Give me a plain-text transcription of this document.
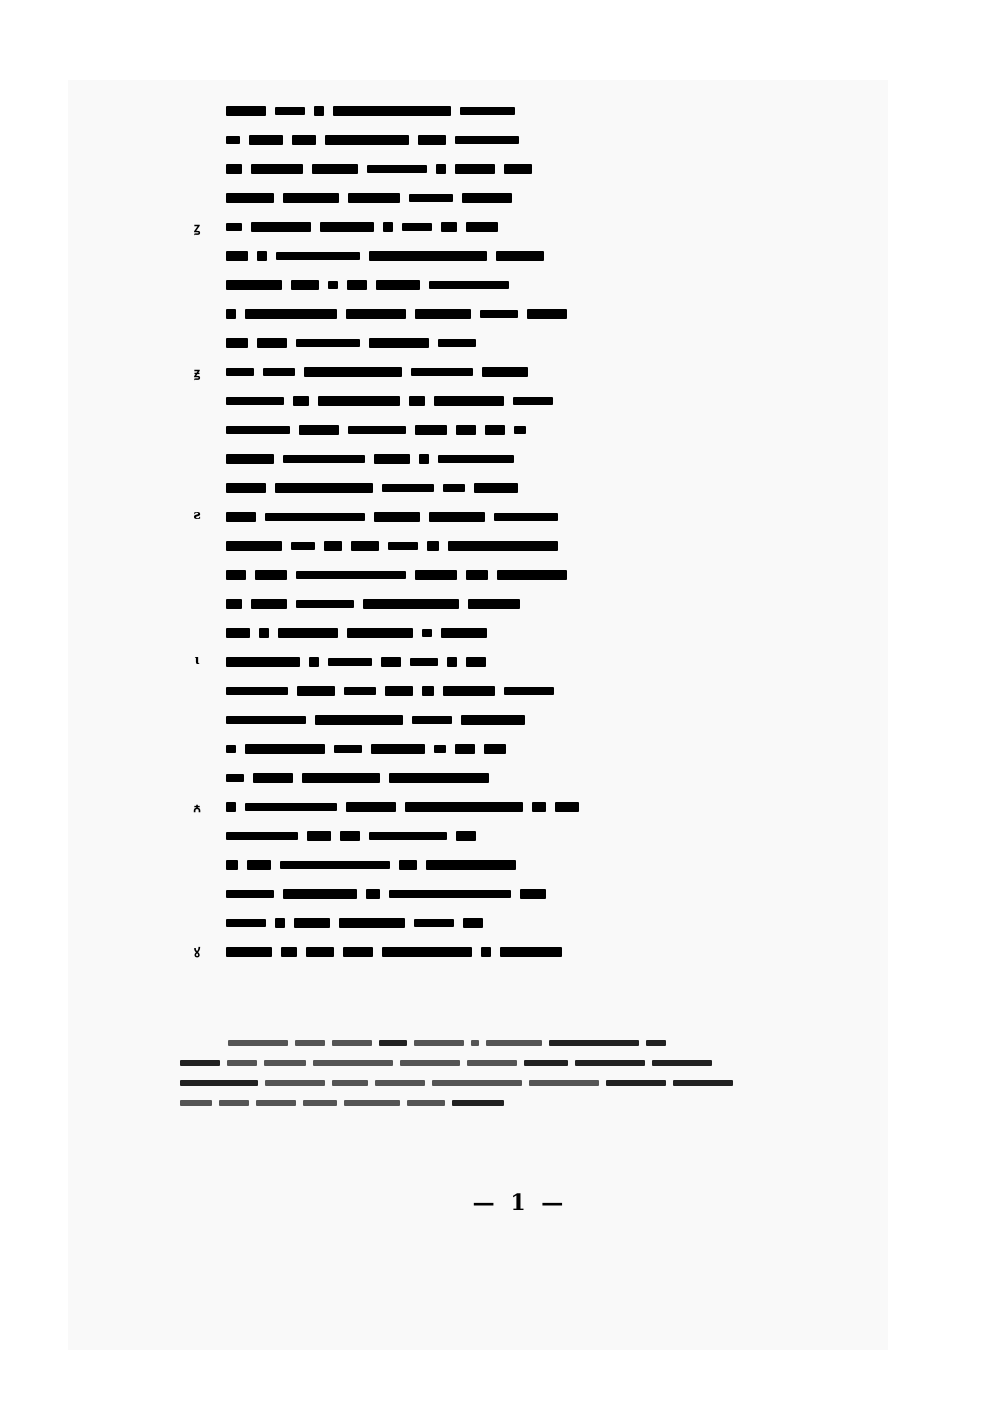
ꙁ
ꙃ
ꙅ
ꙇ
ꙉ
ꙋ
— 𝟏 —
